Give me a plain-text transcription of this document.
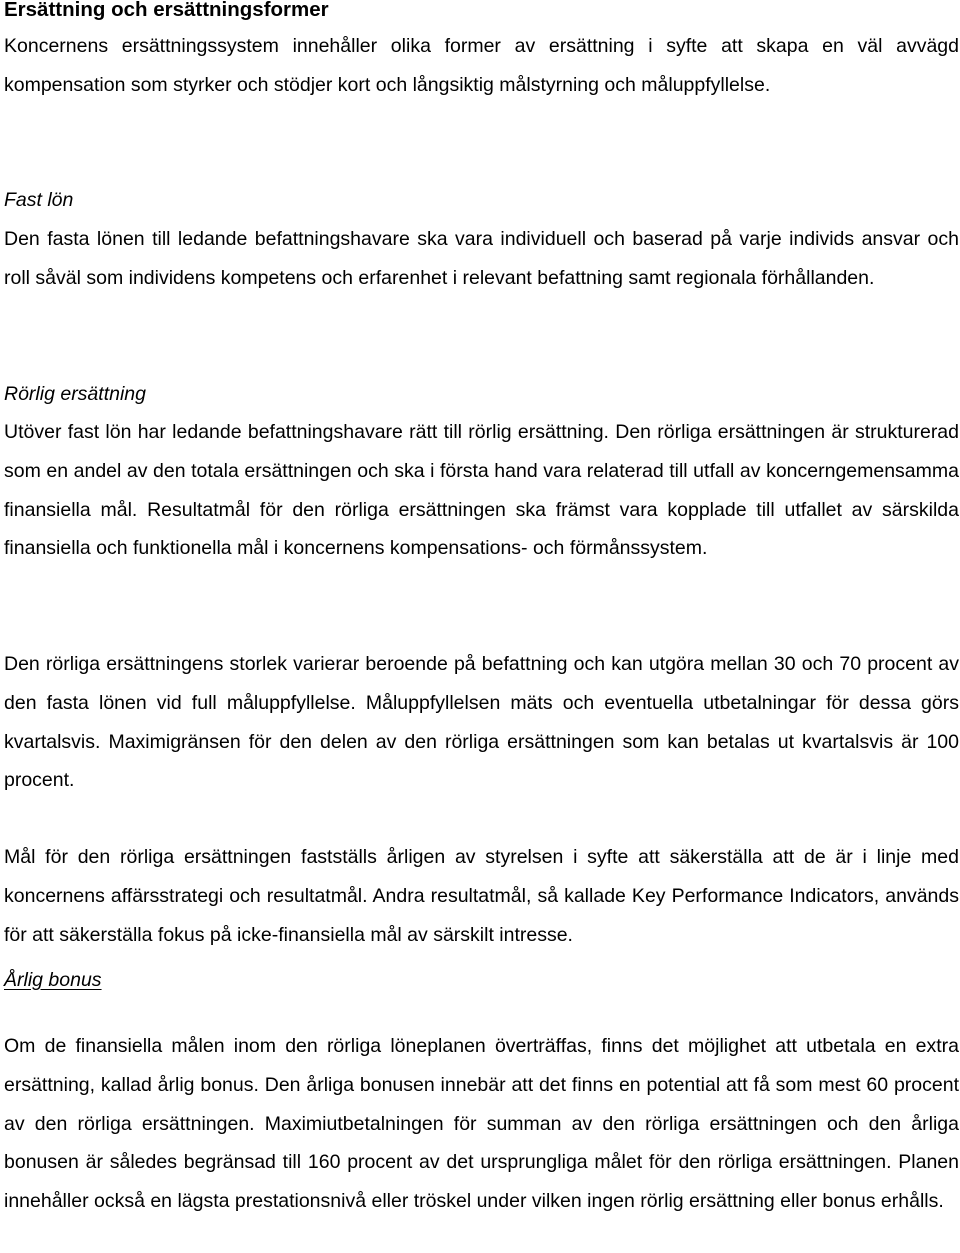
Ersättning och ersättningsformer

Koncernens ersättningssystem innehåller olika former av ersättning i syfte att skapa en väl avvägd kompensation som styrker och stödjer kort och långsiktig målstyrning och måluppfyllelse.

Fast lön

Den fasta lönen till ledande befattningshavare ska vara individuell och baserad på varje individs ansvar och roll såväl som individens kompetens och erfarenhet i relevant befattning samt regionala förhållanden.

Rörlig ersättning

Utöver fast lön har ledande befattningshavare rätt till rörlig ersättning. Den rörliga ersättningen är strukturerad som en andel av den totala ersättningen och ska i första hand vara relaterad till utfall av koncerngemensamma finansiella mål. Resultatmål för den rörliga ersättningen ska främst vara kopplade till utfallet av särskilda finansiella och funktionella mål i koncernens kompensations- och förmånssystem.

Den rörliga ersättningens storlek varierar beroende på befattning och kan utgöra mellan 30 och 70 procent av den fasta lönen vid full måluppfyllelse. Måluppfyllelsen mäts och eventuella utbetalningar för dessa görs kvartalsvis. Maximigränsen för den delen av den rörliga ersättningen som kan betalas ut kvartalsvis är 100 procent.

Mål för den rörliga ersättningen fastställs årligen av styrelsen i syfte att säkerställa att de är i linje med koncernens affärsstrategi och resultatmål. Andra resultatmål, så kallade Key Performance Indicators, används för att säkerställa fokus på icke-finansiella mål av särskilt intresse.

Årlig bonus

Om de finansiella målen inom den rörliga löneplanen överträffas, finns det möjlighet att utbetala en extra ersättning, kallad årlig bonus. Den årliga bonusen innebär att det finns en potential att få som mest 60 procent av den rörliga ersättningen. Maximiutbetalningen för summan av den rörliga ersättningen och den årliga bonusen är således begränsad till 160 procent av det ursprungliga målet för den rörliga ersättningen. Planen innehåller också en lägsta prestationsnivå eller tröskel under vilken ingen rörlig ersättning eller bonus erhålls.
